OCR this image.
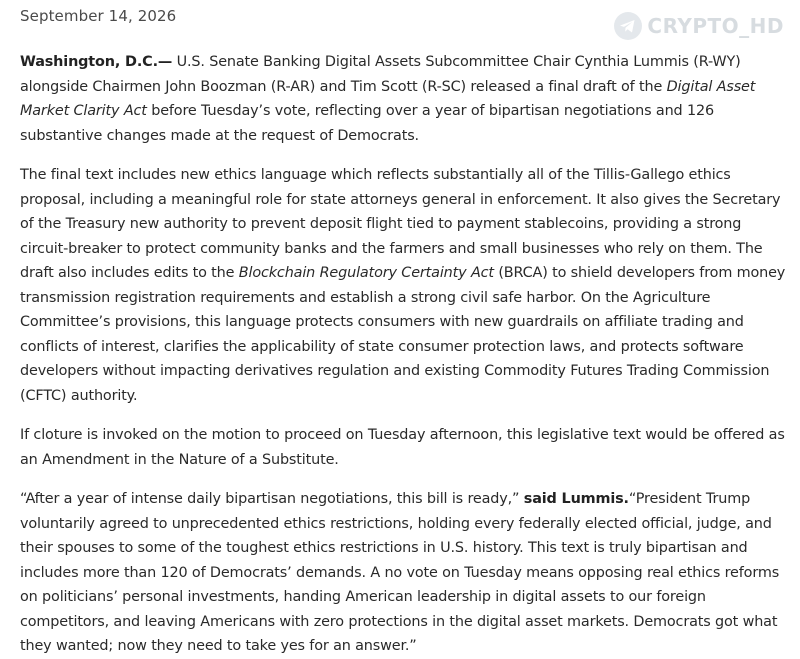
September 14, 2026

Washington, D.C.— U.S. Senate Banking Digital Assets Subcommittee Chair Cynthia Lummis (R-WY) alongside Chairmen John Boozman (R-AR) and Tim Scott (R-SC) released a final draft of the Digital Asset Market Clarity Act before Tuesday’s vote, reflecting over a year of bipartisan negotiations and 126 substantive changes made at the request of Democrats.

The final text includes new ethics language which reflects substantially all of the Tillis-Gallego ethics proposal, including a meaningful role for state attorneys general in enforcement. It also gives the Secretary of the Treasury new authority to prevent deposit flight tied to payment stablecoins, providing a strong circuit-breaker to protect community banks and the farmers and small businesses who rely on them. The draft also includes edits to the Blockchain Regulatory Certainty Act (BRCA) to shield developers from money transmission registration requirements and establish a strong civil safe harbor. On the Agriculture Committee’s provisions, this language protects consumers with new guardrails on affiliate trading and conflicts of interest, clarifies the applicability of state consumer protection laws, and protects software developers without impacting derivatives regulation and existing Commodity Futures Trading Commission (CFTC) authority.

If cloture is invoked on the motion to proceed on Tuesday afternoon, this legislative text would be offered as an Amendment in the Nature of a Substitute.

“After a year of intense daily bipartisan negotiations, this bill is ready,” said Lummis.“President Trump voluntarily agreed to unprecedented ethics restrictions, holding every federally elected official, judge, and their spouses to some of the toughest ethics restrictions in U.S. history. This text is truly bipartisan and includes more than 120 of Democrats’ demands. A no vote on Tuesday means opposing real ethics reforms on politicians’ personal investments, handing American leadership in digital assets to our foreign competitors, and leaving Americans with zero protections in the digital asset markets. Democrats got what they wanted; now they need to take yes for an answer.”

CRYPTO_HD
